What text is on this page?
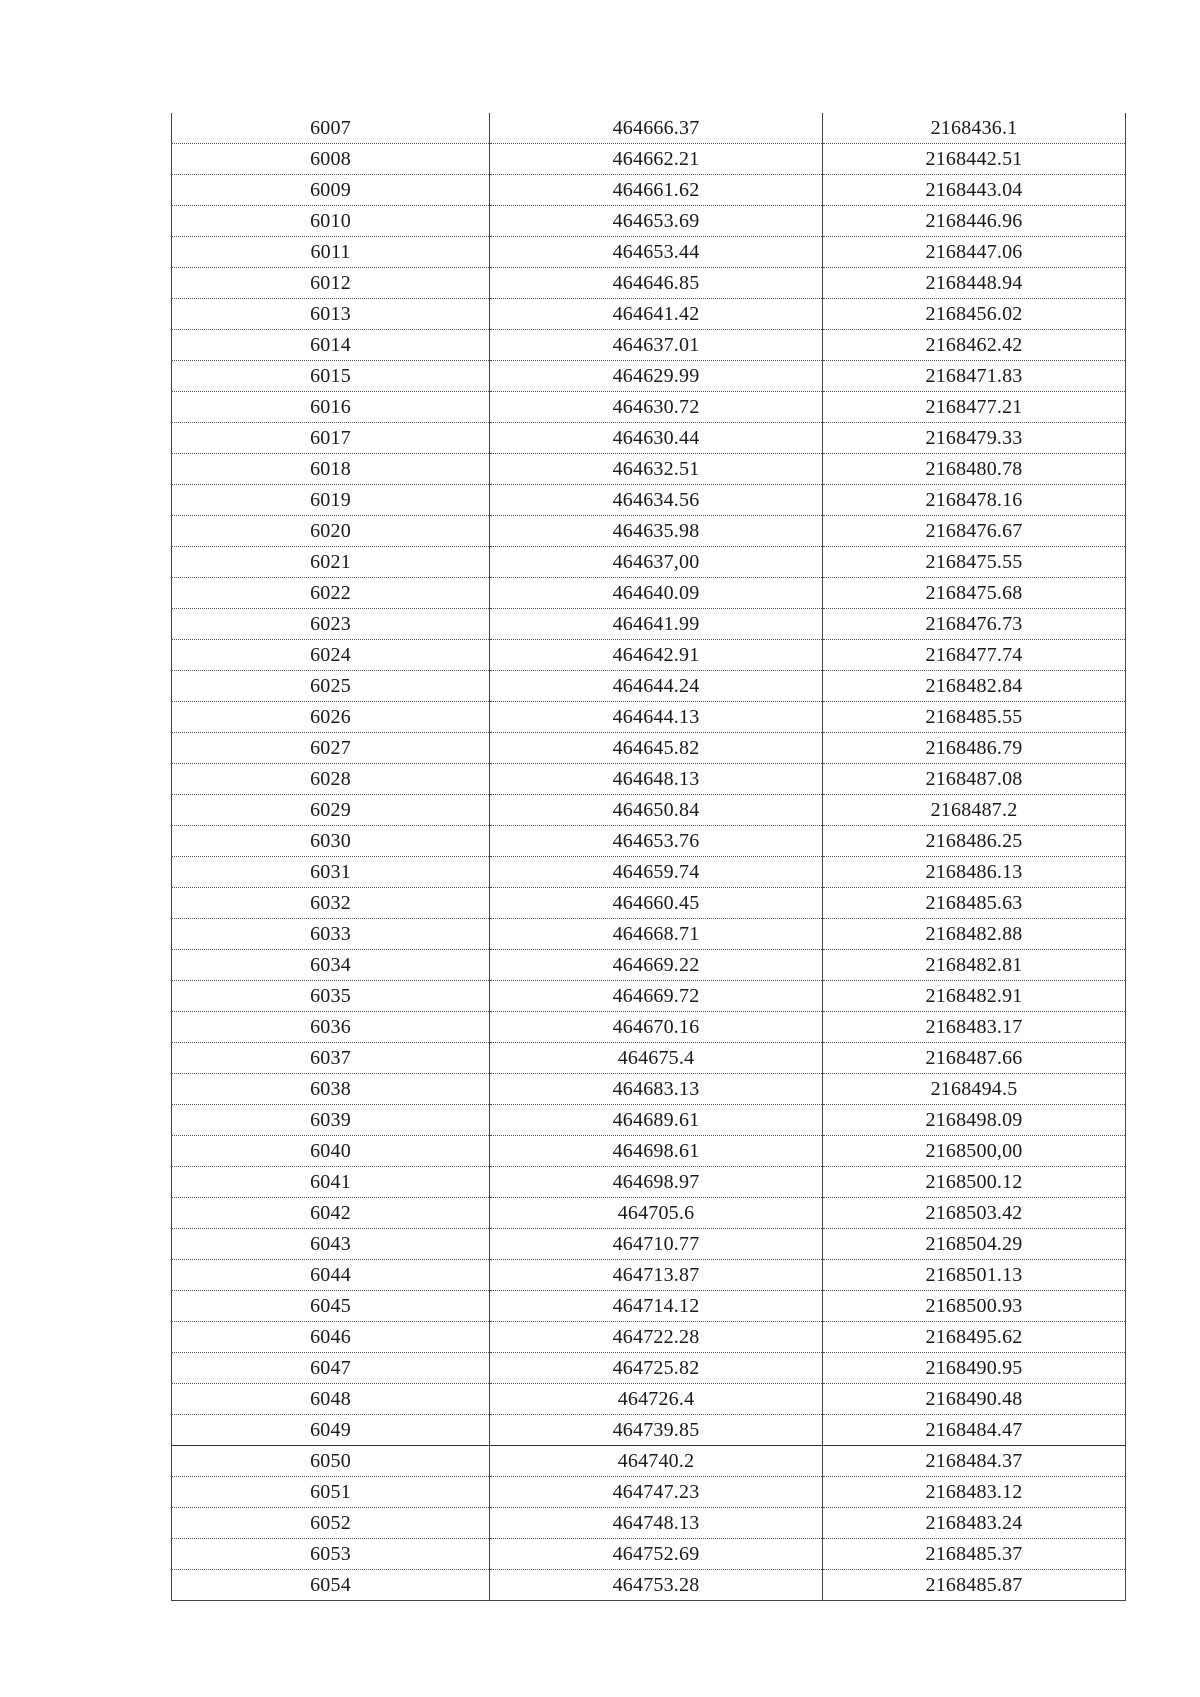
6007	464666.37	2168436.1
6008	464662.21	2168442.51
6009	464661.62	2168443.04
6010	464653.69	2168446.96
6011	464653.44	2168447.06
6012	464646.85	2168448.94
6013	464641.42	2168456.02
6014	464637.01	2168462.42
6015	464629.99	2168471.83
6016	464630.72	2168477.21
6017	464630.44	2168479.33
6018	464632.51	2168480.78
6019	464634.56	2168478.16
6020	464635.98	2168476.67
6021	464637,00	2168475.55
6022	464640.09	2168475.68
6023	464641.99	2168476.73
6024	464642.91	2168477.74
6025	464644.24	2168482.84
6026	464644.13	2168485.55
6027	464645.82	2168486.79
6028	464648.13	2168487.08
6029	464650.84	2168487.2
6030	464653.76	2168486.25
6031	464659.74	2168486.13
6032	464660.45	2168485.63
6033	464668.71	2168482.88
6034	464669.22	2168482.81
6035	464669.72	2168482.91
6036	464670.16	2168483.17
6037	464675.4	2168487.66
6038	464683.13	2168494.5
6039	464689.61	2168498.09
6040	464698.61	2168500,00
6041	464698.97	2168500.12
6042	464705.6	2168503.42
6043	464710.77	2168504.29
6044	464713.87	2168501.13
6045	464714.12	2168500.93
6046	464722.28	2168495.62
6047	464725.82	2168490.95
6048	464726.4	2168490.48
6049	464739.85	2168484.47
6050	464740.2	2168484.37
6051	464747.23	2168483.12
6052	464748.13	2168483.24
6053	464752.69	2168485.37
6054	464753.28	2168485.87
